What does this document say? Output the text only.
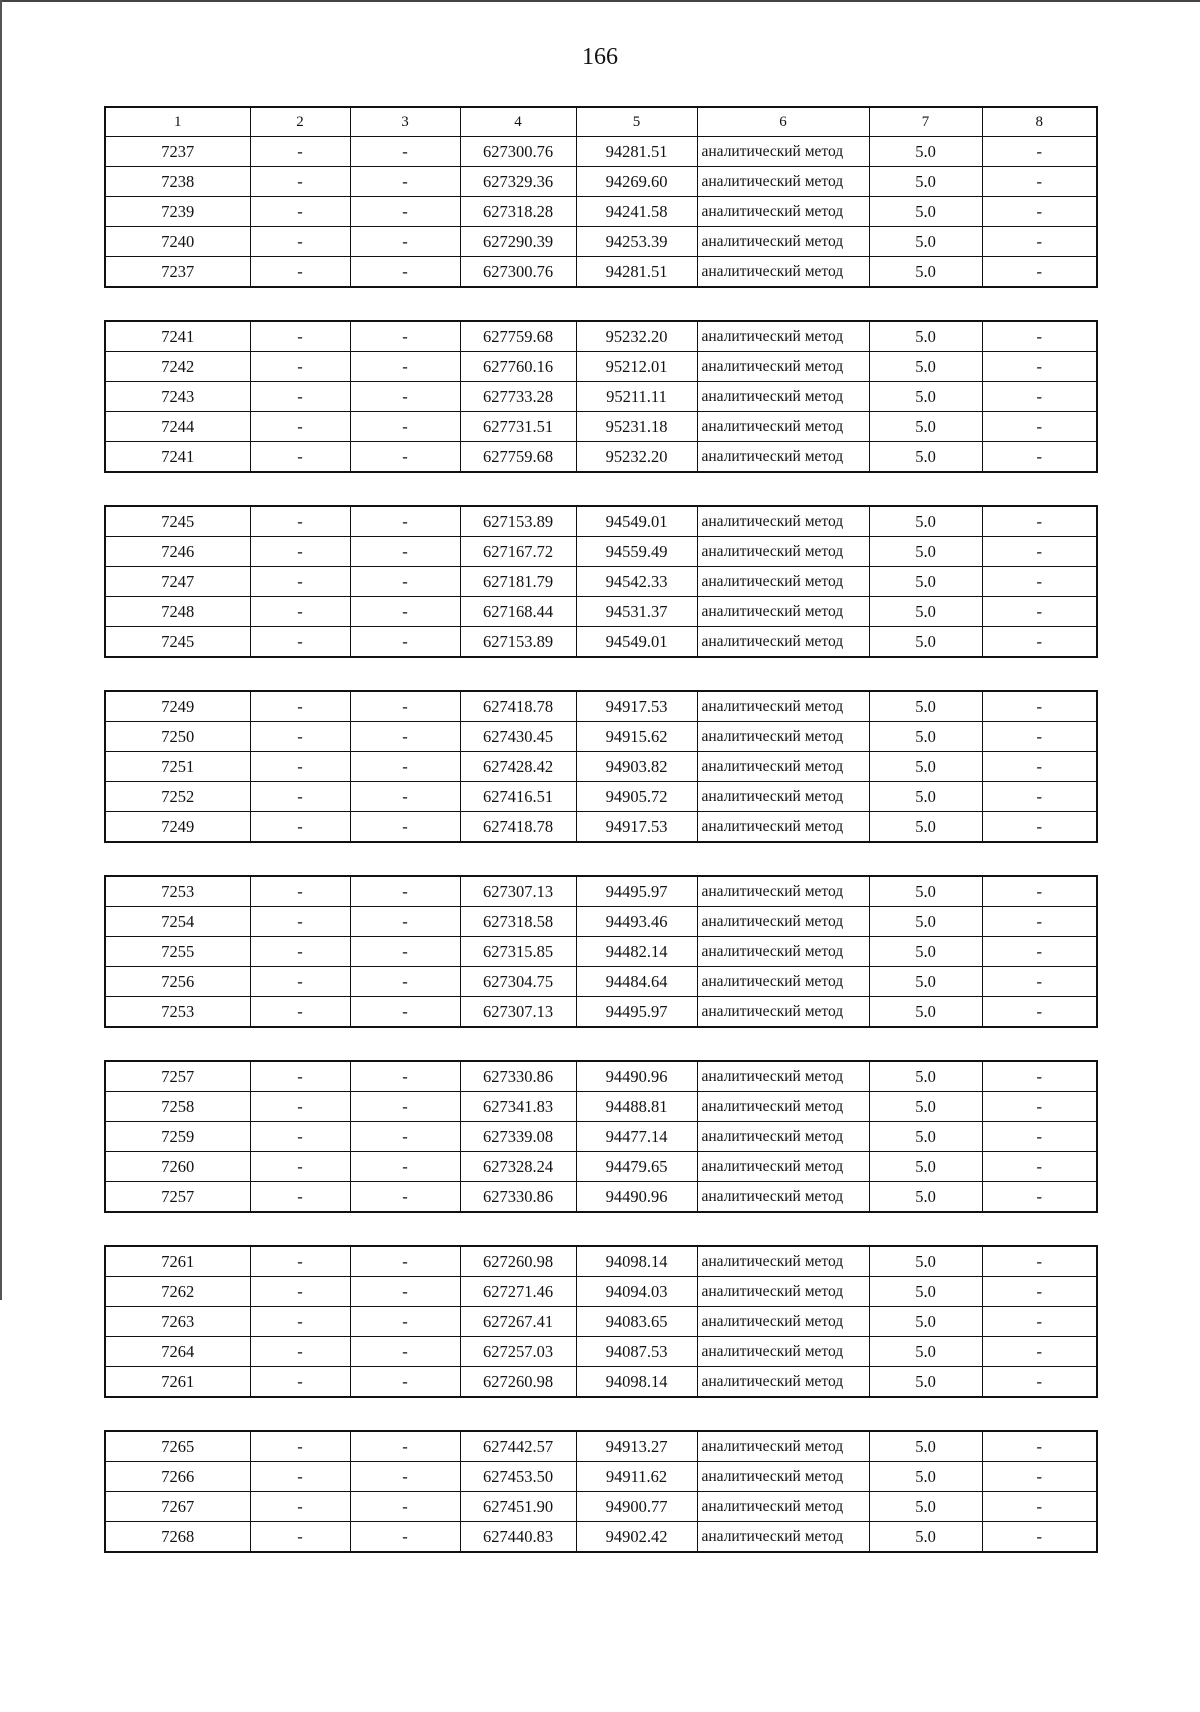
166
1	2	3	4	5	6	7	8
7237	-	-	627300.76	94281.51	аналитический метод	5.0	-
7238	-	-	627329.36	94269.60	аналитический метод	5.0	-
7239	-	-	627318.28	94241.58	аналитический метод	5.0	-
7240	-	-	627290.39	94253.39	аналитический метод	5.0	-
7237	-	-	627300.76	94281.51	аналитический метод	5.0	-
7241	-	-	627759.68	95232.20	аналитический метод	5.0	-
7242	-	-	627760.16	95212.01	аналитический метод	5.0	-
7243	-	-	627733.28	95211.11	аналитический метод	5.0	-
7244	-	-	627731.51	95231.18	аналитический метод	5.0	-
7241	-	-	627759.68	95232.20	аналитический метод	5.0	-
7245	-	-	627153.89	94549.01	аналитический метод	5.0	-
7246	-	-	627167.72	94559.49	аналитический метод	5.0	-
7247	-	-	627181.79	94542.33	аналитический метод	5.0	-
7248	-	-	627168.44	94531.37	аналитический метод	5.0	-
7245	-	-	627153.89	94549.01	аналитический метод	5.0	-
7249	-	-	627418.78	94917.53	аналитический метод	5.0	-
7250	-	-	627430.45	94915.62	аналитический метод	5.0	-
7251	-	-	627428.42	94903.82	аналитический метод	5.0	-
7252	-	-	627416.51	94905.72	аналитический метод	5.0	-
7249	-	-	627418.78	94917.53	аналитический метод	5.0	-
7253	-	-	627307.13	94495.97	аналитический метод	5.0	-
7254	-	-	627318.58	94493.46	аналитический метод	5.0	-
7255	-	-	627315.85	94482.14	аналитический метод	5.0	-
7256	-	-	627304.75	94484.64	аналитический метод	5.0	-
7253	-	-	627307.13	94495.97	аналитический метод	5.0	-
7257	-	-	627330.86	94490.96	аналитический метод	5.0	-
7258	-	-	627341.83	94488.81	аналитический метод	5.0	-
7259	-	-	627339.08	94477.14	аналитический метод	5.0	-
7260	-	-	627328.24	94479.65	аналитический метод	5.0	-
7257	-	-	627330.86	94490.96	аналитический метод	5.0	-
7261	-	-	627260.98	94098.14	аналитический метод	5.0	-
7262	-	-	627271.46	94094.03	аналитический метод	5.0	-
7263	-	-	627267.41	94083.65	аналитический метод	5.0	-
7264	-	-	627257.03	94087.53	аналитический метод	5.0	-
7261	-	-	627260.98	94098.14	аналитический метод	5.0	-
7265	-	-	627442.57	94913.27	аналитический метод	5.0	-
7266	-	-	627453.50	94911.62	аналитический метод	5.0	-
7267	-	-	627451.90	94900.77	аналитический метод	5.0	-
7268	-	-	627440.83	94902.42	аналитический метод	5.0	-
